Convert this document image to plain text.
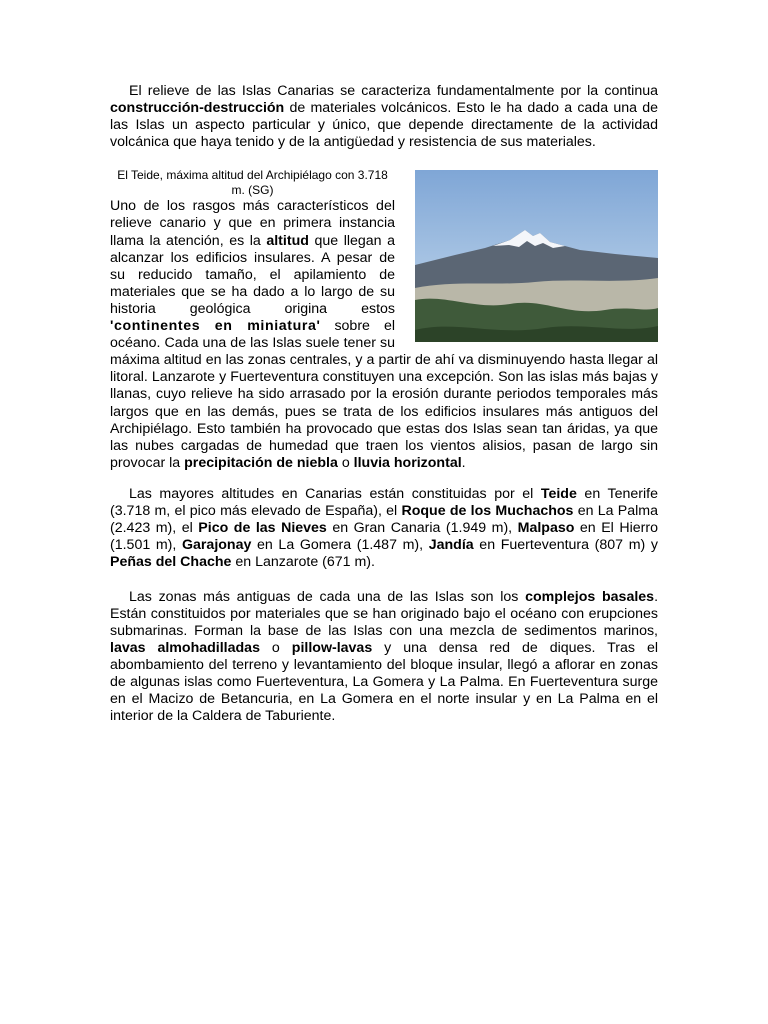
El relieve de las Islas Canarias se caracteriza fundamentalmente por la continua construcción-destrucción de materiales volcánicos. Esto le ha dado a cada una de las Islas un aspecto particular y único, que depende directamente de la actividad volcánica que haya tenido y de la antigüedad y resistencia de sus materiales.

El Teide, máxima altitud del Archipiélago con 3.718 m. (SG)
Uno de los rasgos más característicos del relieve canario y que en primera instancia llama la atención, es la altitud que llegan a alcanzar los edificios insulares. A pesar de su reducido tamaño, el apilamiento de materiales que se ha dado a lo largo de su historia geológica origina estos 'continentes en miniatura' sobre el océano. Cada una de las Islas suele tener su máxima altitud en las zonas centrales, y a partir de ahí va disminuyendo hasta llegar al litoral. Lanzarote y Fuerteventura constituyen una excepción. Son las islas más bajas y llanas, cuyo relieve ha sido arrasado por la erosión durante periodos temporales más largos que en las demás, pues se trata de los edificios insulares más antiguos del Archipiélago. Esto también ha provocado que estas dos Islas sean tan áridas, ya que las nubes cargadas de humedad que traen los vientos alisios, pasan de largo sin provocar la precipitación de niebla o lluvia horizontal.

Las mayores altitudes en Canarias están constituidas por el Teide en Tenerife (3.718 m, el pico más elevado de España), el Roque de los Muchachos en La Palma (2.423 m), el Pico de las Nieves en Gran Canaria (1.949 m), Malpaso en El Hierro (1.501 m), Garajonay en La Gomera (1.487 m), Jandía en Fuerteventura (807 m) y Peñas del Chache en Lanzarote (671 m).

Las zonas más antiguas de cada una de las Islas son los complejos basales. Están constituidos por materiales que se han originado bajo el océano con erupciones submarinas. Forman la base de las Islas con una mezcla de sedimentos marinos, lavas almohadilladas o pillow-lavas y una densa red de diques. Tras el abombamiento del terreno y levantamiento del bloque insular, llegó a aflorar en zonas de algunas islas como Fuerteventura, La Gomera y La Palma. En Fuerteventura surge en el Macizo de Betancuria, en La Gomera en el norte insular y en La Palma en el interior de la Caldera de Taburiente.
